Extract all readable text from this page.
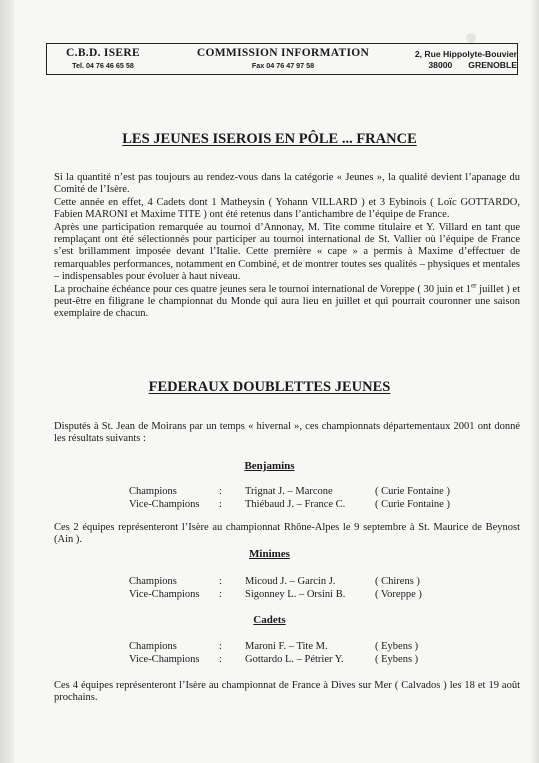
C.B.D. ISERE
Tel. 04 76 46 65 58
COMMISSION INFORMATION
Fax 04 76 47 97 58
2, Rue Hippolyte-Bouvier
38000 GRENOBLE
LES JEUNES ISEROIS EN PÔLE ... FRANCE

Si la quantité n’est pas toujours au rendez-vous dans la catégorie « Jeunes », la qualité devient l’apanage du Comité de l’Isère.

Cette année en effet, 4 Cadets dont 1 Matheysin ( Yohann VILLARD ) et 3 Eybinois ( Loïc GOTTARDO, Fabien MARONI et Maxime TITE ) ont été retenus dans l’antichambre de l’équipe de France.

Après une participation remarquée au tournoi d’Annonay, M. Tite comme titulaire et Y. Villard en tant que remplaçant ont été sélectionnés pour participer au tournoi international de St. Vallier où l’équipe de France s’est brillamment imposée devant l’Italie. Cette première « cape » a permis à Maxime d’effectuer de remarquables performances, notamment en Combiné, et de montrer toutes ses qualités – physiques et mentales – indispensables pour évoluer à haut niveau.

La prochaine échéance pour ces quatre jeunes sera le tournoi international de Voreppe ( 30 juin et 1er juillet ) et peut-être en filigrane le championnat du Monde qui aura lieu en juillet et qui pourrait couronner une saison exemplaire de chacun.

FEDERAUX DOUBLETTES JEUNES
Disputés à St. Jean de Moirans par un temps « hivernal », ces championnats départementaux 2001 ont donné les résultats suivants :
Benjamins
Champions	: Trignat J. – Marcone	( Curie Fontaine )
Vice-Champions : Thiébaud J. – France C.	( Curie Fontaine )
Ces 2 équipes représenteront l’Isère au championnat Rhône-Alpes le 9 septembre à St. Maurice de Beynost (Ain ).
Minimes
Champions	: Micoud J. – Garcin J.	( Chirens )
Vice-Champions : Sigonney L. – Orsini B.	( Voreppe )
Cadets
Champions	: Maroni F. – Tite M.	( Eybens )
Vice-Champions : Gottardo L. – Pétrier Y.	( Eybens )
Ces 4 équipes représenteront l’Isère au championnat de France à Dives sur Mer ( Calvados ) les 18 et 19 août prochains.
